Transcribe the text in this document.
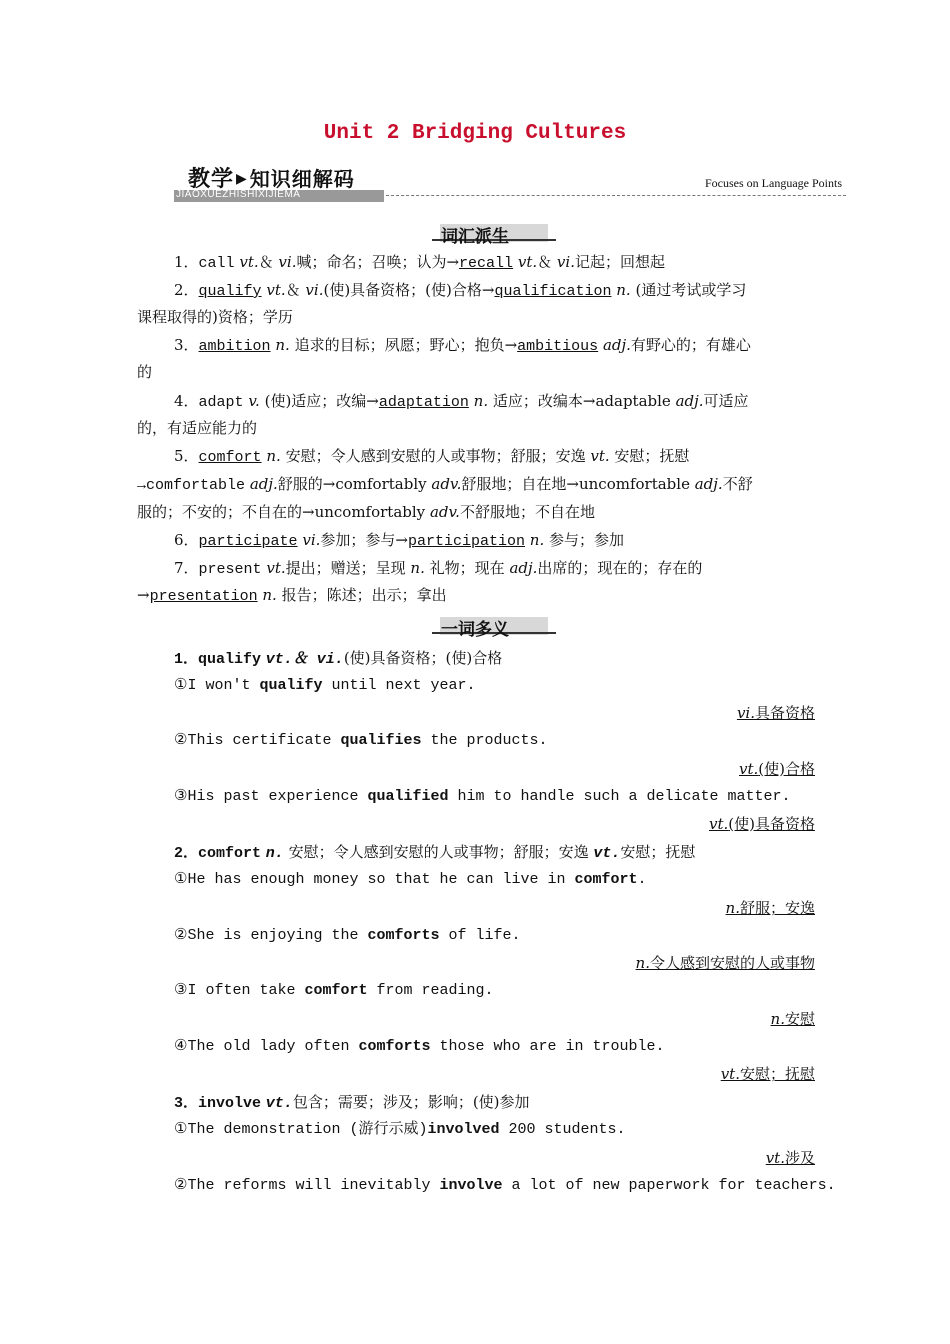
Unit 2 Bridging Cultures
JIAOXUEZHISHIXIJIEMA
教学 ▶ 知识细解码	Focuses on Language Points
词汇派生
1．call vt.＆ vi.喊；命名；召唤；认为→recall vt.＆ vi.记起；回想起
2．qualify vt.＆ vi.(使)具备资格；(使)合格→qualification n. (通过考试或学习
课程取得的)资格；学历
3．ambition n. 追求的目标；夙愿；野心；抱负→ambitious adj.有野心的；有雄心
的
4．adapt v. (使)适应；改编→adaptation n. 适应；改编本→adaptable adj.可适应
的，有适应能力的
5．comfort n. 安慰；令人感到安慰的人或事物；舒服；安逸 vt. 安慰；抚慰
→comfortable adj.舒服的→comfortably adv.舒服地；自在地→uncomfortable adj.不舒
服的；不安的；不自在的→uncomfortably adv.不舒服地；不自在地
6．participate vi.参加；参与→participation n. 参与；参加
7．present vt.提出；赠送；呈现 n. 礼物；现在 adj.出席的；现在的；存在的
→presentation n. 报告；陈述；出示；拿出
一词多义
1．qualify vt.＆ vi.(使)具备资格；(使)合格
①I won't qualify until next year.
vi.具备资格
②This certificate qualifies the products.
vt.(使)合格
③His past experience qualified him to handle such a delicate matter.
vt.(使)具备资格
2．comfort n. 安慰；令人感到安慰的人或事物；舒服；安逸 vt.安慰；抚慰
①He has enough money so that he can live in comfort.
n.舒服；安逸
②She is enjoying the comforts of life.
n.令人感到安慰的人或事物
③I often take comfort from reading.
n.安慰
④The old lady often comforts those who are in trouble.
vt.安慰；抚慰
3．involve vt.包含；需要；涉及；影响；(使)参加
①The demonstration (游行示威)involved 200 students.
vt.涉及
②The reforms will inevitably involve a lot of new paperwork for teachers.
